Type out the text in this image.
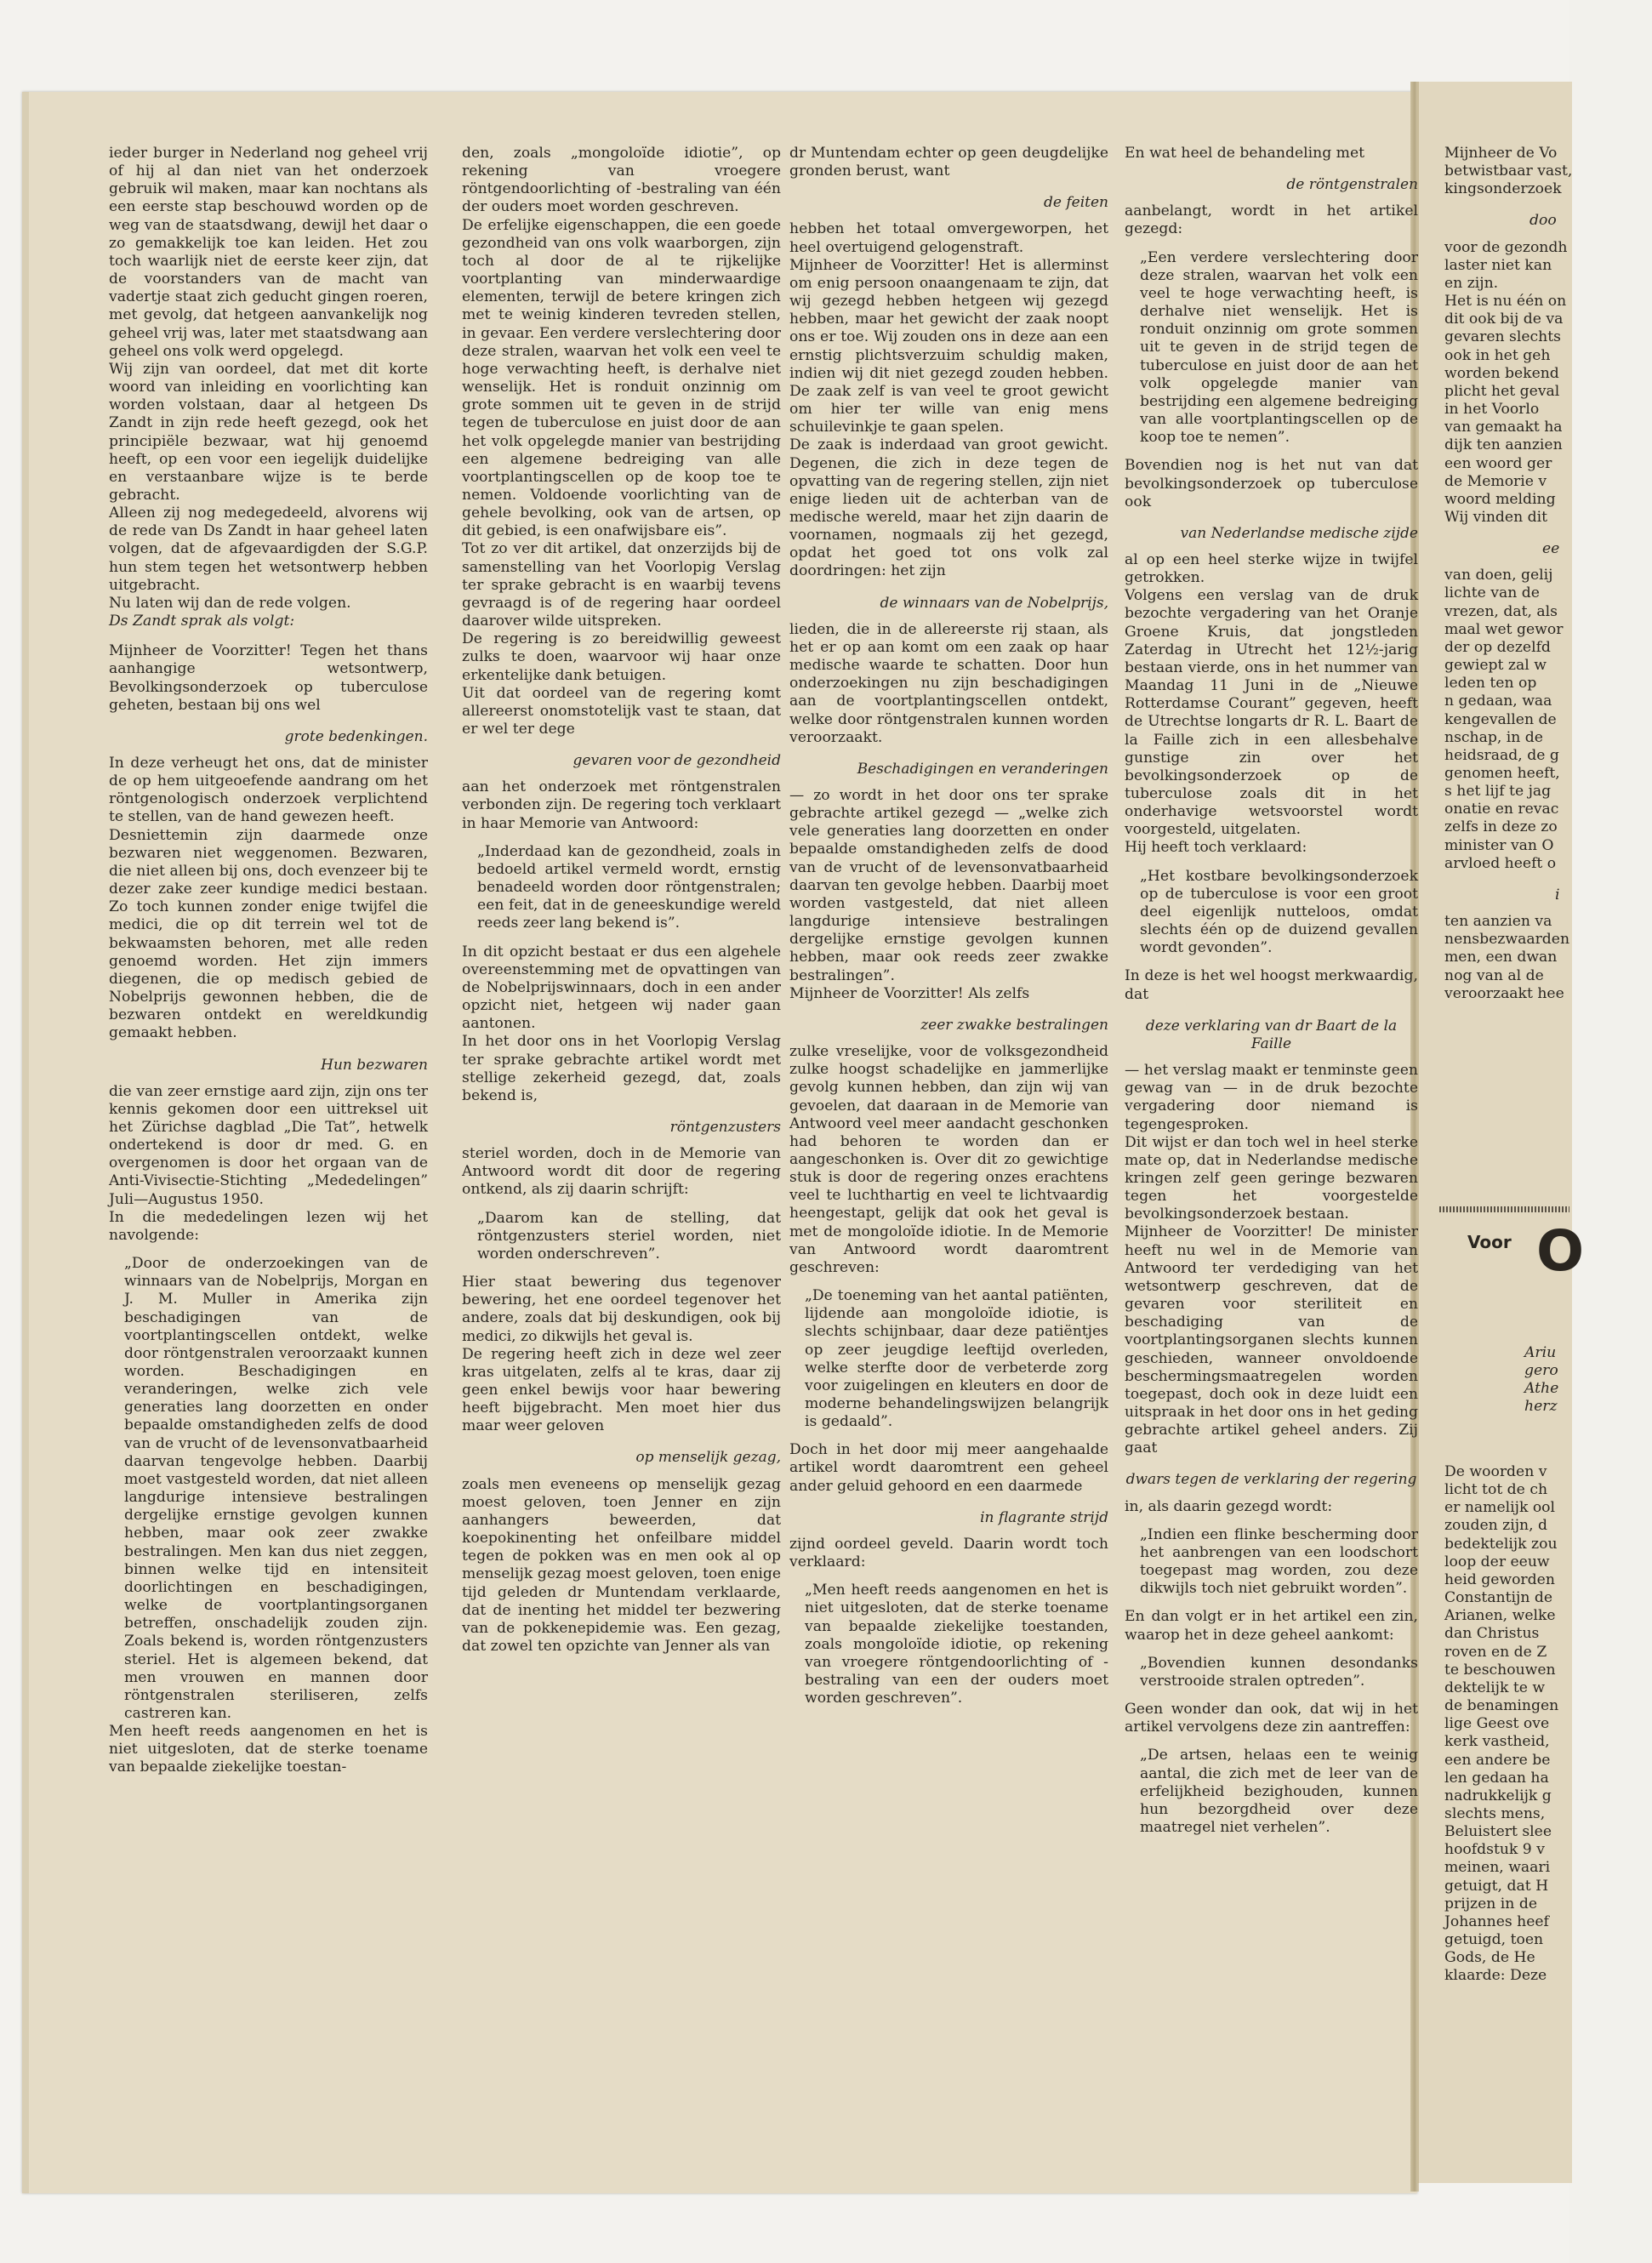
ieder burger in Nederland nog geheel vrij of hij al dan niet van het onderzoek gebruik wil maken, maar kan nochtans als een eerste stap beschouwd worden op de weg van de staatsdwang, dewijl het daar o zo gemakkelijk toe kan leiden. Het zou toch waarlijk niet de eerste keer zijn, dat de voorstanders van de macht van vadertje staat zich geducht gingen roeren, met gevolg, dat hetgeen aanvankelijk nog geheel vrij was, later met staatsdwang aan geheel ons volk werd opgelegd.

Wij zijn van oordeel, dat met dit korte woord van inleiding en voorlichting kan worden volstaan, daar al hetgeen Ds Zandt in zijn rede heeft gezegd, ook het principiële bezwaar, wat hij genoemd heeft, op een voor een iegelijk duidelijke en verstaanbare wijze is te berde gebracht.

Alleen zij nog medegedeeld, alvorens wij de rede van Ds Zandt in haar geheel laten volgen, dat de afgevaardigden der S.G.P. hun stem tegen het wetsontwerp hebben uitgebracht.

Nu laten wij dan de rede volgen.

Ds Zandt sprak als volgt:

Mijnheer de Voorzitter! Tegen het thans aanhangige wetsontwerp, Bevolkingsonderzoek op tuberculose geheten, bestaan bij ons wel

grote bedenkingen.

In deze verheugt het ons, dat de minister de op hem uitgeoefende aandrang om het röntgenologisch onderzoek verplichtend te stellen, van de hand gewezen heeft.

Desniettemin zijn daarmede onze bezwaren niet weggenomen. Bezwaren, die niet alleen bij ons, doch evenzeer bij te dezer zake zeer kundige medici bestaan. Zo toch kunnen zonder enige twijfel die medici, die op dit terrein wel tot de bekwaamsten behoren, met alle reden genoemd worden. Het zijn immers diegenen, die op medisch gebied de Nobelprijs gewonnen hebben, die de bezwaren ontdekt en wereldkundig gemaakt hebben.

Hun bezwaren

die van zeer ernstige aard zijn, zijn ons ter kennis gekomen door een uittreksel uit het Zürichse dagblad „Die Tat”, hetwelk ondertekend is door dr med. G. en overgenomen is door het orgaan van de Anti-Vivisectie-Stichting „Mededelingen” Juli—Augustus 1950.

In die mededelingen lezen wij het navolgende:

„Door de onderzoekingen van de winnaars van de Nobelprijs, Morgan en J. M. Muller in Amerika zijn beschadigingen van de voortplantingscellen ontdekt, welke door röntgenstralen veroorzaakt kunnen worden. Beschadigingen en veranderingen, welke zich vele generaties lang doorzetten en onder bepaalde omstandigheden zelfs de dood van de vrucht of de levensonvatbaarheid daarvan tengevolge hebben. Daarbij moet vastgesteld worden, dat niet alleen langdurige intensieve bestralingen dergelijke ernstige gevolgen kunnen hebben, maar ook zeer zwakke bestralingen. Men kan dus niet zeggen, binnen welke tijd en intensiteit doorlichtingen en beschadigingen, welke de voortplantingsorganen betreffen, onschadelijk zouden zijn. Zoals bekend is, worden röntgenzusters steriel. Het is algemeen bekend, dat men vrouwen en mannen door röntgenstralen steriliseren, zelfs castreren kan.

Men heeft reeds aangenomen en het is niet uitgesloten, dat de sterke toename van bepaalde ziekelijke toestan-

den, zoals „mongoloïde idiotie”, op rekening van vroegere röntgendoorlichting of -bestraling van één der ouders moet worden geschreven.

De erfelijke eigenschappen, die een goede gezondheid van ons volk waarborgen, zijn toch al door de al te rijkelijke voortplanting van minderwaardige elementen, terwijl de betere kringen zich met te weinig kinderen tevreden stellen, in gevaar. Een verdere verslechtering door deze stralen, waarvan het volk een veel te hoge verwachting heeft, is derhalve niet wenselijk. Het is ronduit onzinnig om grote sommen uit te geven in de strijd tegen de tuberculose en juist door de aan het volk opgelegde manier van bestrijding een algemene bedreiging van alle voortplantingscellen op de koop toe te nemen. Voldoende voorlichting van de gehele bevolking, ook van de artsen, op dit gebied, is een onafwijsbare eis”.

Tot zo ver dit artikel, dat onzerzijds bij de samenstelling van het Voorlopig Verslag ter sprake gebracht is en waarbij tevens gevraagd is of de regering haar oordeel daarover wilde uitspreken.

De regering is zo bereidwillig geweest zulks te doen, waarvoor wij haar onze erkentelijke dank betuigen.

Uit dat oordeel van de regering komt allereerst onomstotelijk vast te staan, dat er wel ter dege

gevaren voor de gezondheid

aan het onderzoek met röntgenstralen verbonden zijn. De regering toch verklaart in haar Memorie van Antwoord:

„Inderdaad kan de gezondheid, zoals in bedoeld artikel vermeld wordt, ernstig benadeeld worden door röntgenstralen; een feit, dat in de geneeskundige wereld reeds zeer lang bekend is”.

In dit opzicht bestaat er dus een algehele overeenstemming met de opvattingen van de Nobelprijswinnaars, doch in een ander opzicht niet, hetgeen wij nader gaan aantonen.

In het door ons in het Voorlopig Verslag ter sprake gebrachte artikel wordt met stellige zekerheid gezegd, dat, zoals bekend is,

röntgenzusters

steriel worden, doch in de Memorie van Antwoord wordt dit door de regering ontkend, als zij daarin schrijft:

„Daarom kan de stelling, dat röntgenzusters steriel worden, niet worden onderschreven”.

Hier staat bewering dus tegenover bewering, het ene oordeel tegenover het andere, zoals dat bij deskundigen, ook bij medici, zo dikwijls het geval is.

De regering heeft zich in deze wel zeer kras uitgelaten, zelfs al te kras, daar zij geen enkel bewijs voor haar bewering heeft bijgebracht. Men moet hier dus maar weer geloven

op menselijk gezag,

zoals men eveneens op menselijk gezag moest geloven, toen Jenner en zijn aanhangers beweerden, dat koepokinenting het onfeilbare middel tegen de pokken was en men ook al op menselijk gezag moest geloven, toen enige tijd geleden dr Muntendam verklaarde, dat de inenting het middel ter bezwering van de pokkenepidemie was. Een gezag, dat zowel ten opzichte van Jenner als van

dr Muntendam echter op geen deugdelijke gronden berust, want

de feiten

hebben het totaal omvergeworpen, het heel overtuigend gelogenstraft.

Mijnheer de Voorzitter! Het is allerminst om enig persoon onaangenaam te zijn, dat wij gezegd hebben hetgeen wij gezegd hebben, maar het gewicht der zaak noopt ons er toe. Wij zouden ons in deze aan een ernstig plichtsverzuim schuldig maken, indien wij dit niet gezegd zouden hebben. De zaak zelf is van veel te groot gewicht om hier ter wille van enig mens schuilevinkje te gaan spelen.

De zaak is inderdaad van groot gewicht. Degenen, die zich in deze tegen de opvatting van de regering stellen, zijn niet enige lieden uit de achterban van de medische wereld, maar het zijn daarin de voornamen, nogmaals zij het gezegd, opdat het goed tot ons volk zal doordringen: het zijn

de winnaars van de Nobelprijs,

lieden, die in de allereerste rij staan, als het er op aan komt om een zaak op haar medische waarde te schatten. Door hun onderzoekingen nu zijn beschadigingen aan de voortplantingscellen ontdekt, welke door röntgenstralen kunnen worden veroorzaakt.

Beschadigingen en veranderingen

— zo wordt in het door ons ter sprake gebrachte artikel gezegd — „welke zich vele generaties lang doorzetten en onder bepaalde omstandigheden zelfs de dood van de vrucht of de levensonvatbaarheid daarvan ten gevolge hebben. Daarbij moet worden vastgesteld, dat niet alleen langdurige intensieve bestralingen dergelijke ernstige gevolgen kunnen hebben, maar ook reeds zeer zwakke bestralingen”.

Mijnheer de Voorzitter! Als zelfs

zeer zwakke bestralingen

zulke vreselijke, voor de volksgezondheid zulke hoogst schadelijke en jammerlijke gevolg kunnen hebben, dan zijn wij van gevoelen, dat daaraan in de Memorie van Antwoord veel meer aandacht geschonken had behoren te worden dan er aangeschonken is. Over dit zo gewichtige stuk is door de regering onzes erachtens veel te luchthartig en veel te lichtvaardig heengestapt, gelijk dat ook het geval is met de mongoloïde idiotie. In de Memorie van Antwoord wordt daaromtrent geschreven:

„De toeneming van het aantal patiënten, lijdende aan mongoloïde idiotie, is slechts schijnbaar, daar deze patiëntjes op zeer jeugdige leeftijd overleden, welke sterfte door de verbeterde zorg voor zuigelingen en kleuters en door de moderne behandelingswijzen belangrijk is gedaald”.

Doch in het door mij meer aangehaalde artikel wordt daaromtrent een geheel ander geluid gehoord en een daarmede

in flagrante strijd

zijnd oordeel geveld. Daarin wordt toch verklaard:

„Men heeft reeds aangenomen en het is niet uitgesloten, dat de sterke toename van bepaalde ziekelijke toestanden, zoals mongoloïde idiotie, op rekening van vroegere röntgendoorlichting of -bestraling van een der ouders moet worden geschreven”.

En wat heel de behandeling met

de röntgenstralen

aanbelangt, wordt in het artikel gezegd:

„Een verdere verslechtering door deze stralen, waarvan het volk een veel te hoge verwachting heeft, is derhalve niet wenselijk. Het is ronduit onzinnig om grote sommen uit te geven in de strijd tegen de tuberculose en juist door de aan het volk opgelegde manier van bestrijding een algemene bedreiging van alle voortplantingscellen op de koop toe te nemen”.

Bovendien nog is het nut van dat bevolkingsonderzoek op tuberculose ook

van Nederlandse medische zijde

al op een heel sterke wijze in twijfel getrokken.

Volgens een verslag van de druk bezochte vergadering van het Oranje Groene Kruis, dat jongstleden Zaterdag in Utrecht het 12½-jarig bestaan vierde, ons in het nummer van Maandag 11 Juni in de „Nieuwe Rotterdamse Courant” gegeven, heeft de Utrechtse longarts dr R. L. Baart de la Faille zich in een allesbehalve gunstige zin over het bevolkingsonderzoek op de tuberculose zoals dit in het onderhavige wetsvoorstel wordt voorgesteld, uitgelaten.

Hij heeft toch verklaard:

„Het kostbare bevolkingsonderzoek op de tuberculose is voor een groot deel eigenlijk nutteloos, omdat slechts één op de duizend gevallen wordt gevonden”.

In deze is het wel hoogst merkwaardig, dat

deze verklaring van dr Baart de la Faille

— het verslag maakt er tenminste geen gewag van — in de druk bezochte vergadering door niemand is tegengesproken.

Dit wijst er dan toch wel in heel sterke mate op, dat in Nederlandse medische kringen zelf geen geringe bezwaren tegen het voorgestelde bevolkingsonderzoek bestaan.

Mijnheer de Voorzitter! De minister heeft nu wel in de Memorie van Antwoord ter verdediging van het wetsontwerp geschreven, dat de gevaren voor steriliteit en beschadiging van de voortplantingsorganen slechts kunnen geschieden, wanneer onvoldoende beschermingsmaatregelen worden toegepast, doch ook in deze luidt een uitspraak in het door ons in het geding gebrachte artikel geheel anders. Zij gaat

dwars tegen de verklaring der regering

in, als daarin gezegd wordt:

„Indien een flinke bescherming door het aanbrengen van een loodschort toegepast mag worden, zou deze dikwijls toch niet gebruikt worden”.

En dan volgt er in het artikel een zin, waarop het in deze geheel aankomt:

„Bovendien kunnen desondanks verstrooide stralen optreden”.

Geen wonder dan ook, dat wij in het artikel vervolgens deze zin aantreffen:

„De artsen, helaas een te weinig aantal, die zich met de leer van de erfelijkheid bezighouden, kunnen hun bezorgdheid over deze maatregel niet verhelen”.

Mijnheer de Vo

betwistbaar vast,

kingsonderzoek

doo

voor de gezondh

laster niet kan

en zijn.

Het is nu één on

dit ook bij de va

gevaren slechts

ook in het geh

worden bekend

plicht het geval

in het Voorlo

van gemaakt ha

dijk ten aanzien

een woord ger

de Memorie v

woord melding

Wij vinden dit

ee

van doen, gelij

lichte van de

vrezen, dat, als

maal wet gewor

der op dezelfd

gewiept zal w

leden ten op

n gedaan, waa

kengevallen de

nschap, in de

heidsraad, de g

genomen heeft,

s het lijf te jag

onatie en revac

zelfs in deze zo

minister van O

arvloed heeft o

i

ten aanzien va

nensbezwaarden

men, een dwan

nog van al de

veroorzaakt hee

Voor O

Ariu

gero

Athe

herz

De woorden v

licht tot de ch

er namelijk ool

zouden zijn, d

bedektelijk zou

loop der eeuw

heid geworden

Constantijn de

Arianen, welke

dan Christus

roven en de Z

te beschouwen

dektelijk te w

de benamingen

lige Geest ove

kerk vastheid,

een andere be

len gedaan ha

nadrukkelijk g

slechts mens,

Beluistert slee

hoofdstuk 9 v

meinen, waari

getuigt, dat H

prijzen in de

Johannes heef

getuigd, toen

Gods, de He

klaarde: Deze
